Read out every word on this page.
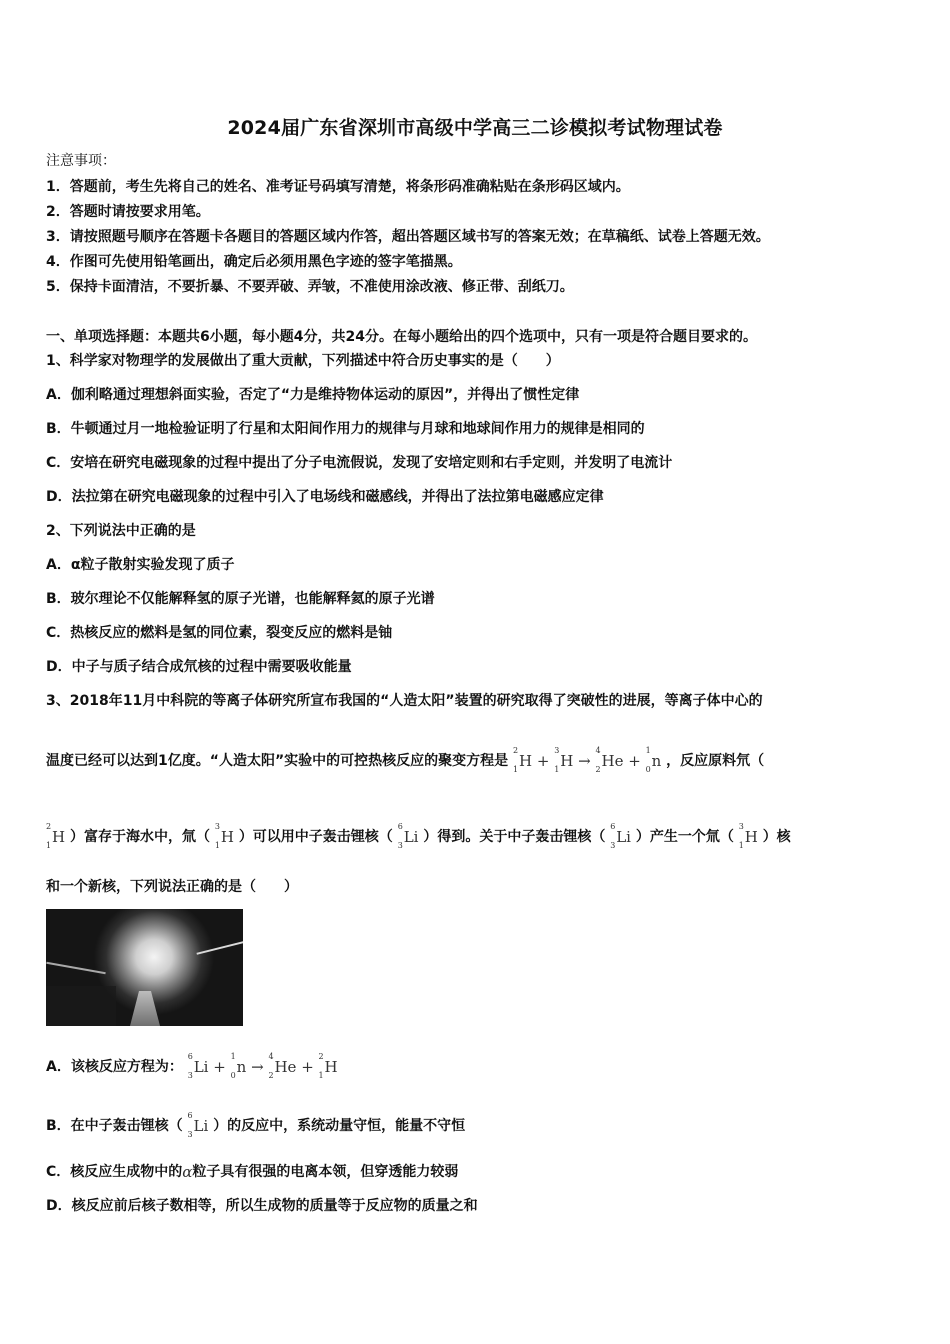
2024届广东省深圳市高级中学高三二诊模拟考试物理试卷
注意事项：
1．答题前，考生先将自己的姓名、准考证号码填写清楚，将条形码准确粘贴在条形码区域内。
2．答题时请按要求用笔。
3．请按照题号顺序在答题卡各题目的答题区域内作答，超出答题区域书写的答案无效；在草稿纸、试卷上答题无效。
4．作图可先使用铅笔画出，确定后必须用黑色字迹的签字笔描黑。
5．保持卡面清洁，不要折暴、不要弄破、弄皱，不准使用涂改液、修正带、刮纸刀。
一、单项选择题：本题共6小题，每小题4分，共24分。在每小题给出的四个选项中，只有一项是符合题目要求的。
1、科学家对物理学的发展做出了重大贡献，下列描述中符合历史事实的是（　　）
A．伽利略通过理想斜面实验，否定了“力是维持物体运动的原因”，并得出了惯性定律
B．牛顿通过月一地检验证明了行星和太阳间作用力的规律与月球和地球间作用力的规律是相同的
C．安培在研究电磁现象的过程中提出了分子电流假说，发现了安培定则和右手定则，并发明了电流计
D．法拉第在研究电磁现象的过程中引入了电场线和磁感线，并得出了法拉第电磁感应定律
2、下列说法中正确的是
A．α粒子散射实验发现了质子
B．玻尔理论不仅能解释氢的原子光谱，也能解释氦的原子光谱
C．热核反应的燃料是氢的同位素，裂变反应的燃料是铀
D．中子与质子结合成氘核的过程中需要吸收能量
3、2018年11月中科院的等离子体研究所宣布我国的“人造太阳”装置的研究取得了突破性的进展，等离子体中心的
温度已经可以达到1亿度。“人造太阳”实验中的可控热核反应的聚变方程是
2
1 H +
3
1 H →
4
2 He +
1
0 n ，反应原料氘（
2
1 H ）富存于海水中，氚（
3
1 H ）可以用中子轰击锂核（
6
3 Li ）得到。关于中子轰击锂核（
6
3 Li ）产生一个氚（
3
1 H ）核
和一个新核，下列说法正确的是（　　）
A．该核反应方程为：
6
3 Li +
1
0 n →
4
2 He +
2
1 H
B．在中子轰击锂核（
6
3 Li ）的反应中，系统动量守恒，能量不守恒
C．核反应生成物中的α粒子具有很强的电离本领，但穿透能力较弱
D．核反应前后核子数相等，所以生成物的质量等于反应物的质量之和
